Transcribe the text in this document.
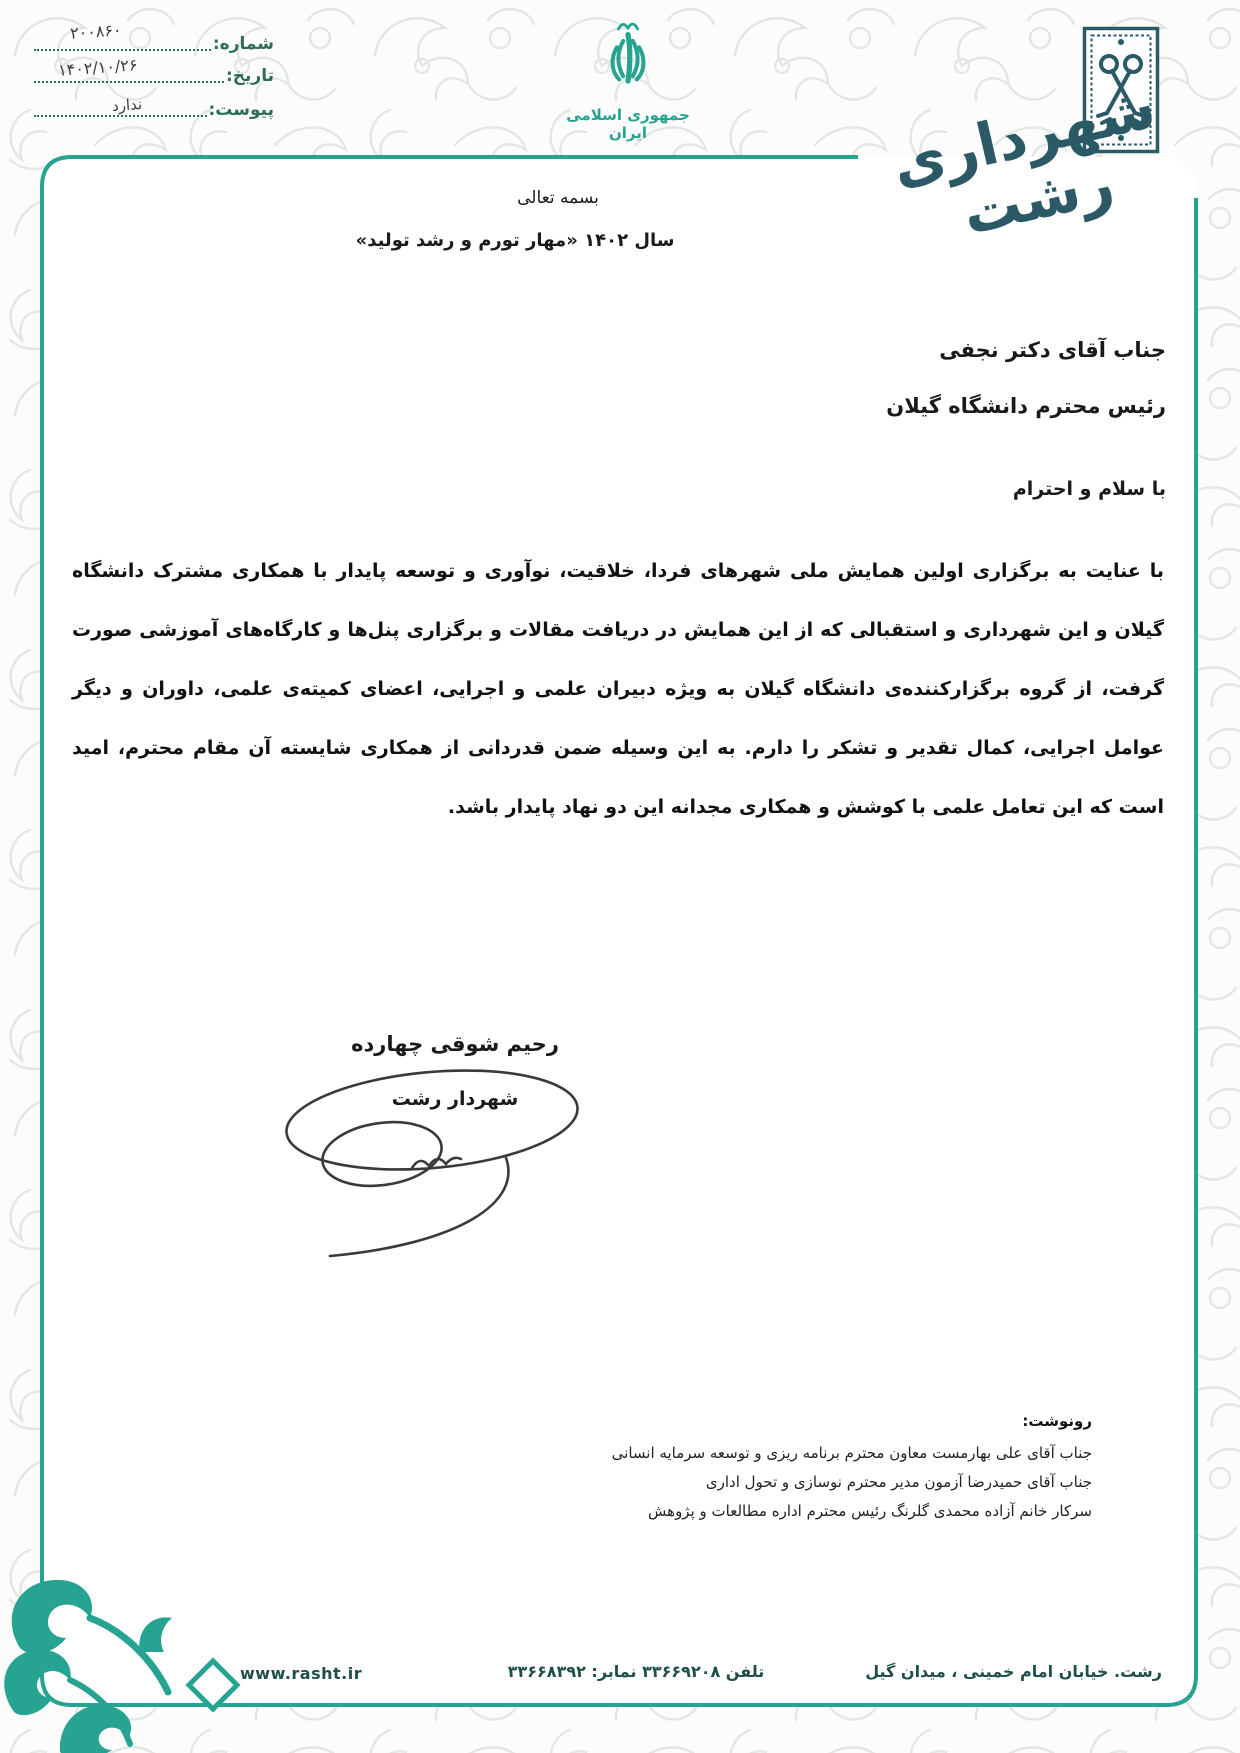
شماره:
۲۰۰۸۶۰
تاریخ:
۱۴۰۲/۱۰/۲۶
پیوست:
ندارد	جمهوری اسلامی ایران	شهرداری رشت
بسمه تعالی
سال ۱۴۰۲ «مهار تورم و رشد تولید»
جناب آقای دکتر نجفی
رئیس محترم دانشگاه گیلان
با سلام و احترام
با عنایت به برگزاری اولین همایش ملی شهرهای فردا، خلاقیت، نوآوری و توسعه پایدار با همکاری مشترک دانشگاه گیلان و این شهرداری و استقبالی که از این همایش در دریافت مقالات و برگزاری پنل‌ها و کارگاه‌های آموزشی صورت گرفت، از گروه برگزارکننده‌ی دانشگاه گیلان به ویژه دبیران علمی و اجرایی، اعضای کمیته‌ی علمی، داوران و دیگر عوامل اجرایی، کمال تقدیر و تشکر را دارم. به این وسیله ضمن قدردانی از همکاری شایسته آن مقام محترم، امید است که این تعامل علمی با کوشش و همکاری مجدانه این دو نهاد پایدار باشد.
رحیم شوقی چهارده
شهردار رشت
رونوشت:
جناب آقای علی بهارمست معاون محترم برنامه ریزی و توسعه سرمایه انسانی
جناب آقای حمیدرضا آزمون مدیر محترم نوسازی و تحول اداری
سرکار خانم آزاده محمدی گلرنگ رئیس محترم اداره مطالعات و پژوهش
رشت. خیابان امام خمینی ، میدان گیل
تلفن ۳۳۶۶۹۲۰۸ نمابر: ۳۳۶۶۸۳۹۲
www.rasht.ir
